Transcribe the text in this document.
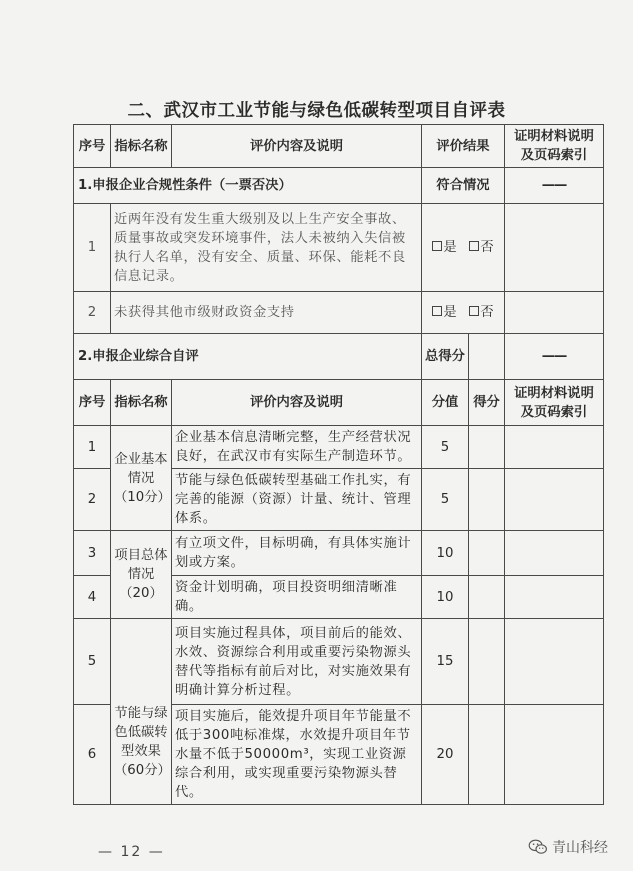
二、武汉市工业节能与绿色低碳转型项目自评表
序号	指标名称	评价内容及说明	评价结果		证明材料说明及页码索引
1.申报企业合规性条件（一票否决）			符合情况		——
1	近两年没有发生重大级别及以上生产安全事故、质量事故或突发环境事件，法人未被纳入失信被执行人名单，没有安全、质量、环保、能耗不良信息记录。		是 否		
2	未获得其他市级财政资金支持		是 否		
2.申报企业综合自评			总得分		——
序号	指标名称	评价内容及说明	分值	得分	证明材料说明及页码索引
1	企业基本情况（10分）	企业基本信息清晰完整，生产经营状况良好，在武汉市有实际生产制造环节。	5		
2		节能与绿色低碳转型基础工作扎实，有完善的能源（资源）计量、统计、管理体系。	5		
3	项目总体情况（20）	有立项文件，目标明确，有具体实施计划或方案。	10		
4		资金计划明确，项目投资明细清晰准确。	10		
5	节能与绿色低碳转型效果（60分）	项目实施过程具体，项目前后的能效、水效、资源综合利用或重要污染物源头替代等指标有前后对比，对实施效果有明确计算分析过程。	15		
6		项目实施后，能效提升项目年节能量不低于300吨标准煤，水效提升项目年节水量不低于50000m³，实现工业资源综合利用，或实现重要污染物源头替代。	20		
— 12 —	青山科经
